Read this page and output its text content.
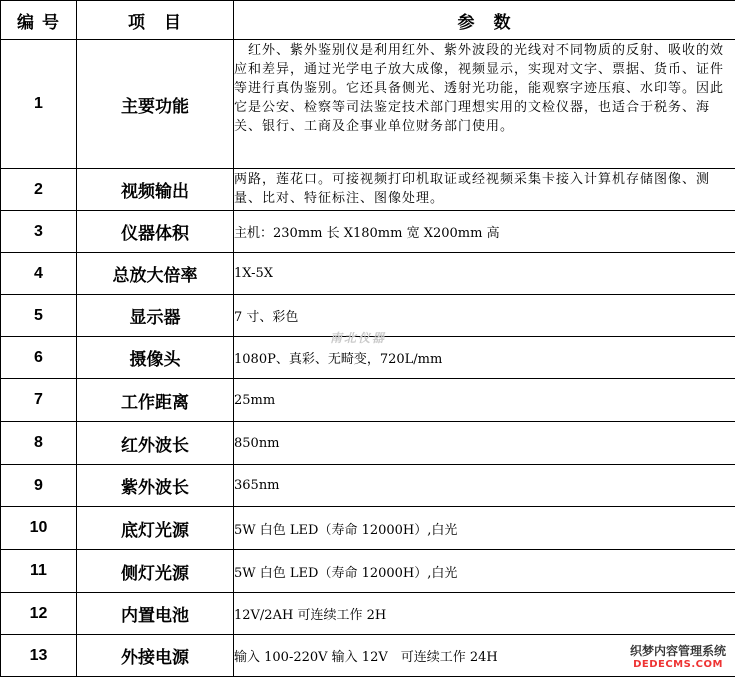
编 号	项　目	参　数
1	主要功能	　红外、紫外鉴别仪是利用红外、紫外波段的光线对不同物质的反射、吸收的效应和差异，通过光学电子放大成像，视频显示，实现对文字、票据、货币、证件等进行真伪鉴别。它还具备侧光、透射光功能，能观察字迹压痕、水印等。因此它是公安、检察等司法鉴定技术部门理想实用的文检仪器，也适合于税务、海关、银行、工商及企事业单位财务部门使用。
2	视频输出	两路，莲花口。可接视频打印机取证或经视频采集卡接入计算机存储图像、测量、比对、特征标注、图像处理。
3	仪器体积	主机：230mm 长 X180mm 宽 X200mm 高
4	总放大倍率	1X-5X
5	显示器	7 寸、彩色
6	摄像头	1080P、真彩、无畸变，720L/mm
7	工作距离	25mm
8	红外波长	850nm
9	紫外波长	365nm
10	底灯光源	5W 白色 LED（寿命 12000H）,白光
11	侧灯光源	5W 白色 LED（寿命 12000H）,白光
12	内置电池	12V/2AH 可连续工作 2H
13	外接电源	输入 100-220V 输入 12V　可连续工作 24H
南北仪器
织梦内容管理系统
DEDECMS.COM
